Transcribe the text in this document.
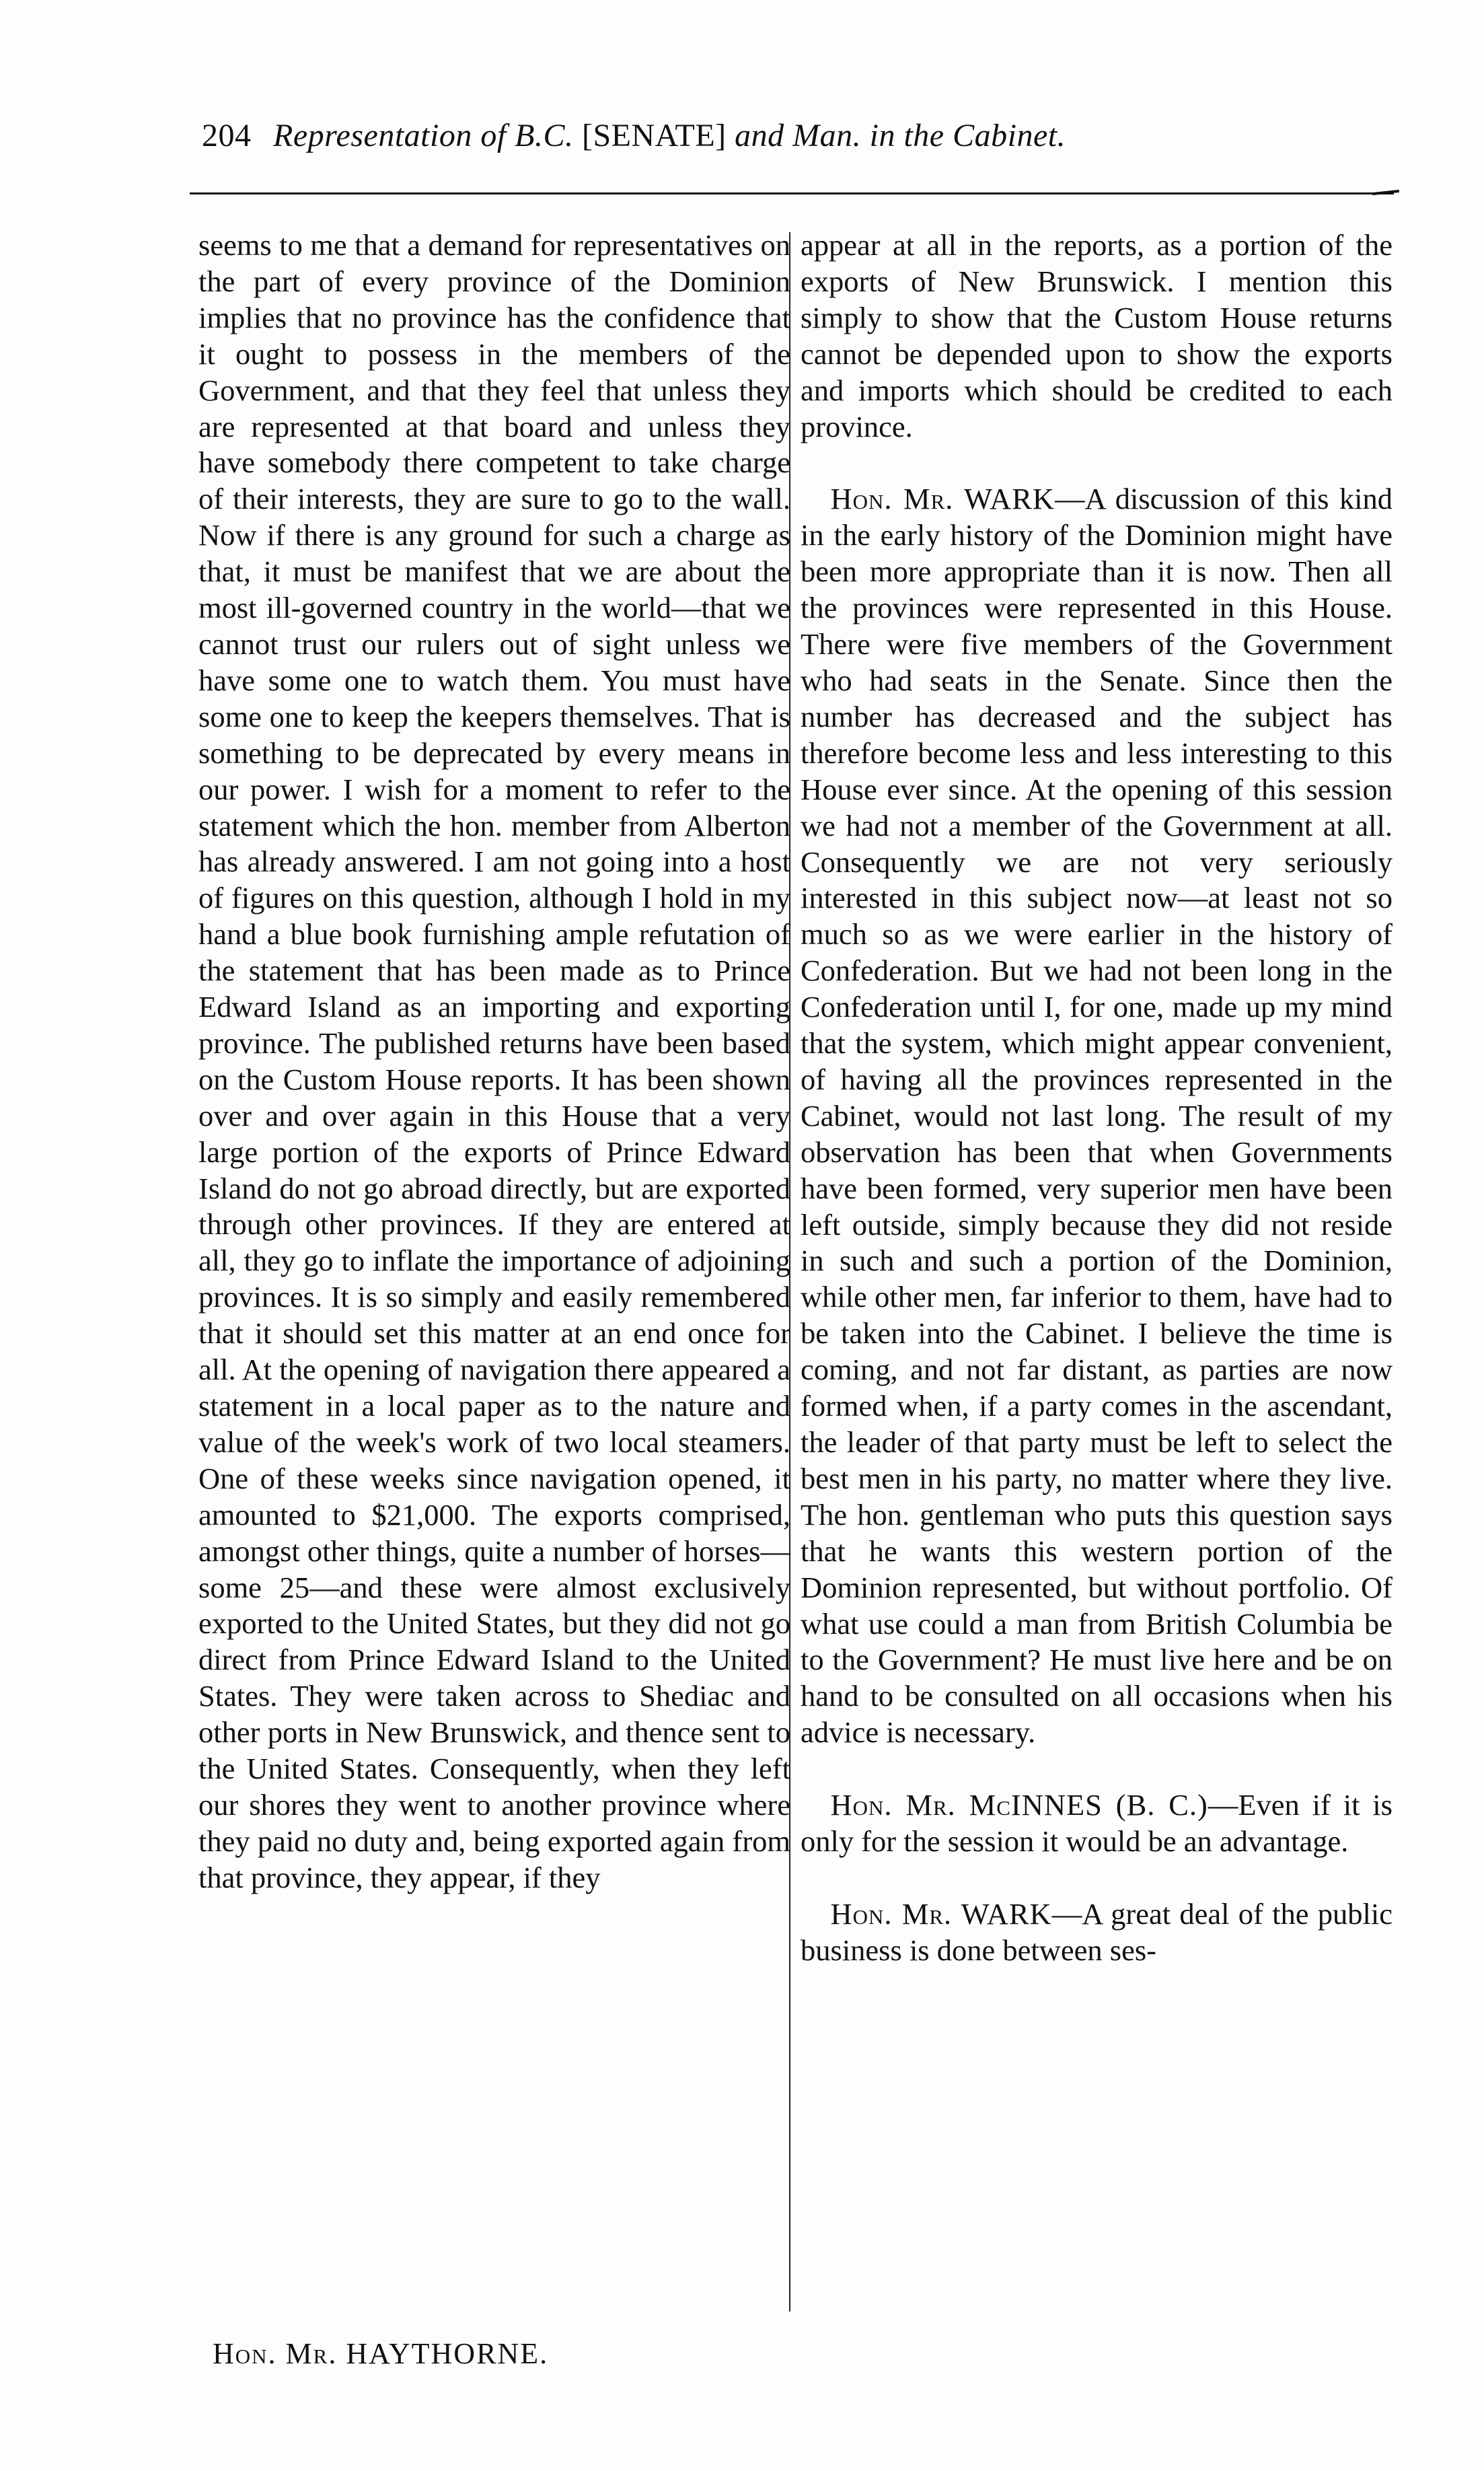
204 Representation of B.C. [SENATE] and Man. in the Cabinet.

seems to me that a demand for representatives on the part of every province of the Dominion implies that no province has the confidence that it ought to possess in the members of the Government, and that they feel that unless they are represented at that board and unless they have somebody there competent to take charge of their interests, they are sure to go to the wall. Now if there is any ground for such a charge as that, it must be manifest that we are about the most ill-governed country in the world—that we cannot trust our rulers out of sight unless we have some one to watch them. You must have some one to keep the keepers themselves. That is something to be deprecated by every means in our power. I wish for a moment to refer to the statement which the hon. member from Alberton has already answered. I am not going into a host of figures on this question, although I hold in my hand a blue book furnishing ample refutation of the statement that has been made as to Prince Edward Island as an importing and exporting province. The published returns have been based on the Custom House reports. It has been shown over and over again in this House that a very large portion of the exports of Prince Edward Island do not go abroad directly, but are exported through other provinces. If they are entered at all, they go to inflate the importance of adjoining provinces. It is so simply and easily remembered that it should set this matter at an end once for all. At the opening of navigation there appeared a statement in a local paper as to the nature and value of the week's work of two local steamers. One of these weeks since navigation opened, it amounted to $21,000. The exports comprised, amongst other things, quite a number of horses—some 25—and these were almost exclusively exported to the United States, but they did not go direct from Prince Edward Island to the United States. They were taken across to Shediac and other ports in New Brunswick, and thence sent to the United States. Consequently, when they left our shores they went to another province where they paid no duty and, being exported again from that province, they appear, if they

appear at all in the reports, as a portion of the exports of New Brunswick. I mention this simply to show that the Custom House returns cannot be depended upon to show the exports and imports which should be credited to each province.

 Hon. Mr. WARK—A discussion of this kind in the early history of the Dominion might have been more appropriate than it is now. Then all the provinces were represented in this House. There were five members of the Government who had seats in the Senate. Since then the number has decreased and the subject has therefore become less and less interesting to this House ever since. At the opening of this session we had not a member of the Government at all. Consequently we are not very seriously interested in this subject now—at least not so much so as we were earlier in the history of Confederation. But we had not been long in the Confederation until I, for one, made up my mind that the system, which might appear convenient, of having all the provinces represented in the Cabinet, would not last long. The result of my observation has been that when Governments have been formed, very superior men have been left outside, simply because they did not reside in such and such a portion of the Dominion, while other men, far inferior to them, have had to be taken into the Cabinet. I believe the time is coming, and not far distant, as parties are now formed when, if a party comes in the ascendant, the leader of that party must be left to select the best men in his party, no matter where they live. The hon. gentleman who puts this question says that he wants this western portion of the Dominion represented, but without portfolio. Of what use could a man from British Columbia be to the Government? He must live here and be on hand to be consulted on all occasions when his advice is necessary.

 Hon. Mr. McINNES (B. C.)—Even if it is only for the session it would be an advantage.

 Hon. Mr. WARK—A great deal of the public business is done between ses-

Hon. Mr. HAYTHORNE.
